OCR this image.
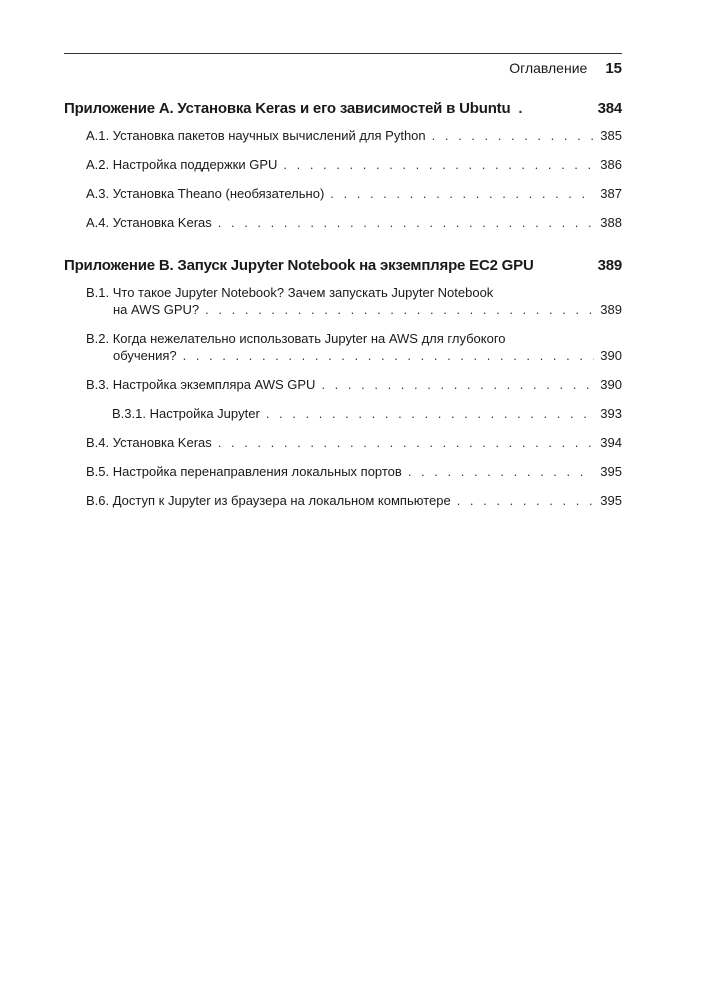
Оглавление 15
Приложение А. Установка Keras и его зависимостей в Ubuntu . . .	384
А.1. Установка пакетов научных вычислений для Python . . .	385
А.2. Настройка поддержки GPU . . .	386
А.3. Установка Theano (необязательно) . . .	387
А.4. Установка Keras . . .	388
Приложение В. Запуск Jupyter Notebook на экземпляре EC2 GPU	389
В.1. Что такое Jupyter Notebook? Зачем запускать Jupyter Notebook
на AWS GPU? . . .	389
В.2. Когда нежелательно использовать Jupyter на AWS для глубокого
обучения? . . .	390
В.3. Настройка экземпляра AWS GPU . . .	390
В.3.1. Настройка Jupyter . . .	393
В.4. Установка Keras . . .	394
В.5. Настройка перенаправления локальных портов . . .	395
В.6. Доступ к Jupyter из браузера на локальном компьютере . . .	395
